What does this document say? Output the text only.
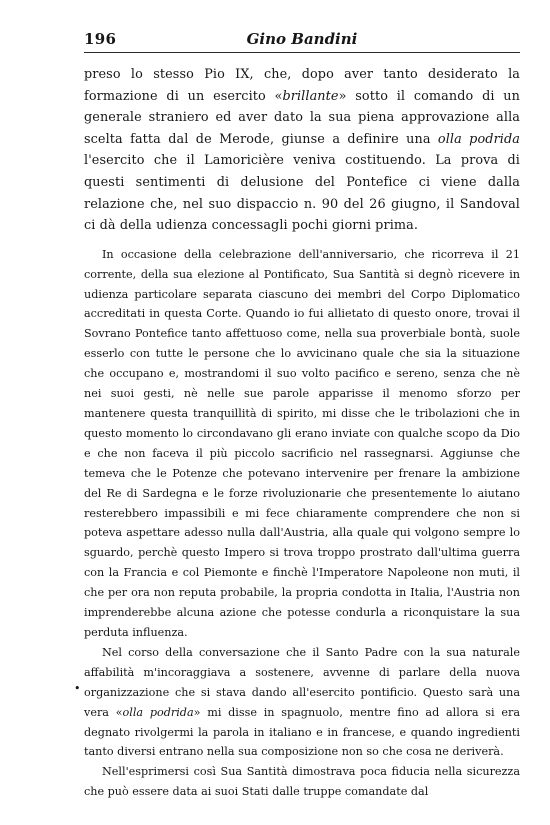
196	Gino Bandini

preso lo stesso Pio IX, che, dopo aver tanto desiderato la formazione di un esercito «brillante» sotto il comando di un generale straniero ed aver dato la sua piena approvazione alla scelta fatta dal de Merode, giunse a definire una olla podrida l'esercito che il Lamoricière veniva costituendo. La prova di questi sentimenti di delusione del Pontefice ci viene dalla relazione che, nel suo dispaccio n. 90 del 26 giugno, il Sandoval ci dà della udienza concessagli pochi giorni prima.

In occasione della celebrazione dell'anniversario, che ricorreva il 21 corrente, della sua elezione al Pontificato, Sua Santità si degnò ricevere in udienza particolare separata ciascuno dei membri del Corpo Diplomatico accreditati in questa Corte. Quando io fui allietato di questo onore, trovai il Sovrano Pontefice tanto affettuoso come, nella sua proverbiale bontà, suole esserlo con tutte le persone che lo avvicinano quale che sia la situazione che occupano e, mostrandomi il suo volto pacifico e sereno, senza che nè nei suoi gesti, nè nelle sue parole apparisse il menomo sforzo per mantenere questa tranquillità di spirito, mi disse che le tribolazioni che in questo momento lo circondavano gli erano inviate con qualche scopo da Dio e che non faceva il più piccolo sacrificio nel rassegnarsi. Aggiunse che temeva che le Potenze che potevano intervenire per frenare la ambizione del Re di Sardegna e le forze rivoluzionarie che presentemente lo aiutano resterebbero impassibili e mi fece chiaramente comprendere che non si poteva aspettare adesso nulla dall'Austria, alla quale qui volgono sempre lo sguardo, perchè questo Impero si trova troppo prostrato dall'ultima guerra con la Francia e col Piemonte e finchè l'Imperatore Napoleone non muti, il che per ora non reputa probabile, la propria condotta in Italia, l'Austria non imprenderebbe alcuna azione che potesse condurla a riconquistare la sua perduta influenza.

Nel corso della conversazione che il Santo Padre con la sua naturale affabilità m'incoraggiava a sostenere, avvenne di parlare della nuova organizzazione che si stava dando all'esercito pontificio. Questo sarà una vera «olla podrida» mi disse in spagnuolo, mentre fino ad allora si era degnato rivolgermi la parola in italiano e in francese, e quando ingredienti tanto diversi entrano nella sua composizione non so che cosa ne deriverà.

Nell'esprimersi così Sua Santità dimostrava poca fiducia nella sicurezza che può essere data ai suoi Stati dalle truppe comandate dal

•
